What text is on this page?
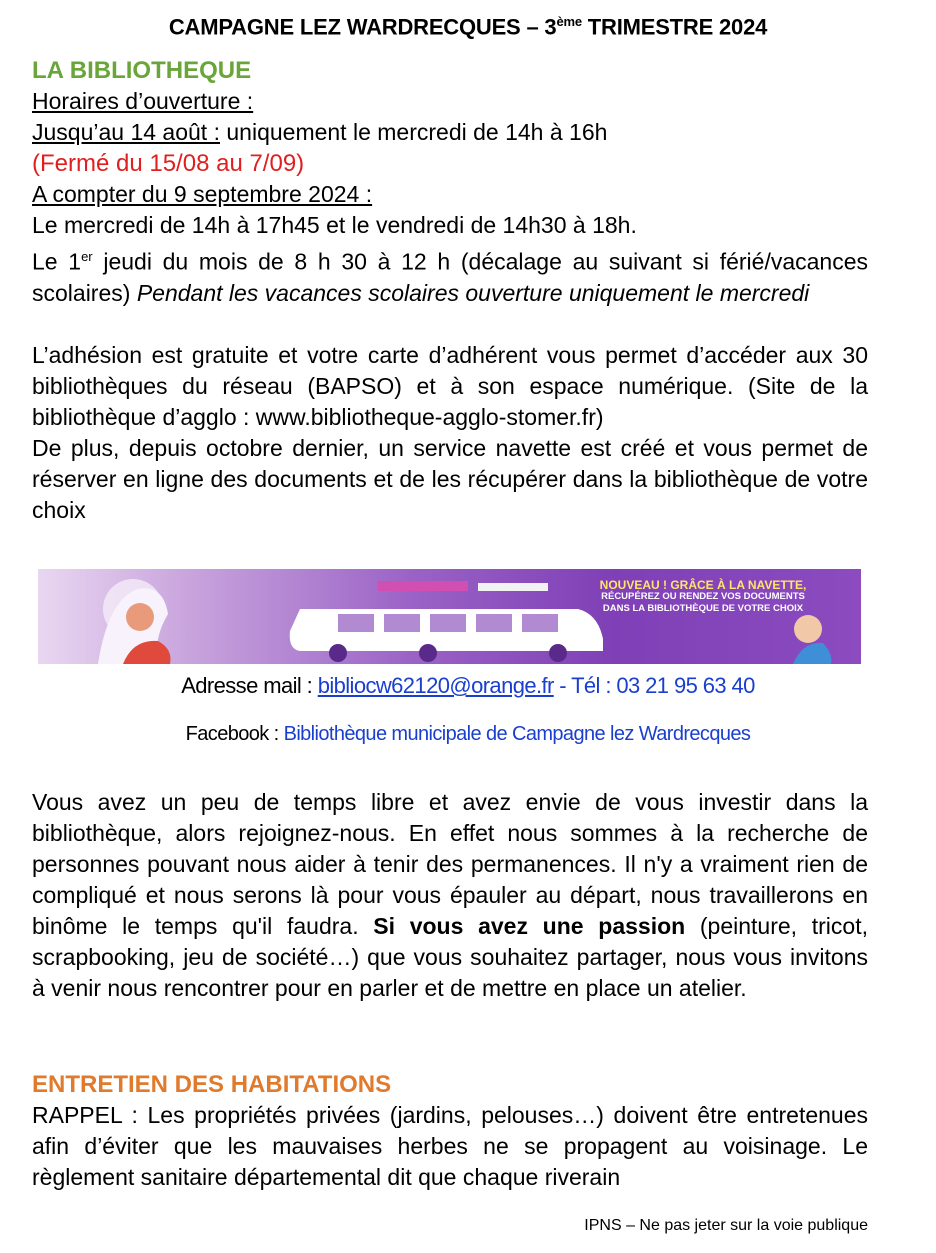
CAMPAGNE LEZ WARDRECQUES – 3ème TRIMESTRE 2024

LA BIBLIOTHEQUE

Horaires d’ouverture :

Jusqu’au 14 août : uniquement le mercredi de 14h à 16h

(Fermé du 15/08 au 7/09)

A compter du 9 septembre 2024 :

Le mercredi de 14h à 17h45 et le vendredi de 14h30 à 18h.

Le 1er jeudi du mois de 8 h 30 à 12 h (décalage au suivant si férié/vacances scolaires) Pendant les vacances scolaires ouverture uniquement le mercredi

L’adhésion est gratuite et votre carte d’adhérent vous permet d’accéder aux 30 bibliothèques du réseau (BAPSO) et à son espace numérique. (Site de la bibliothèque d’agglo : www.bibliotheque-agglo-stomer.fr)

De plus, depuis octobre dernier, un service navette est créé et vous permet de réserver en ligne des documents et de les récupérer dans la bibliothèque de votre choix

NOUVEAU ! GRÂCE À LA NAVETTE,
RÉCUPÉREZ OU RENDEZ VOS DOCUMENTS
DANS LA BIBLIOTHÈQUE DE VOTRE CHOIX
Adresse mail : bibliocw62120@orange.fr - Tél : 03 21 95 63 40
Facebook : Bibliothèque municipale de Campagne lez Wardrecques

Vous avez un peu de temps libre et avez envie de vous investir dans la bibliothèque, alors rejoignez-nous. En effet nous sommes à la recherche de personnes pouvant nous aider à tenir des permanences. Il n'y a vraiment rien de compliqué et nous serons là pour vous épauler au départ, nous travaillerons en binôme le temps qu'il faudra. Si vous avez une passion (peinture, tricot, scrapbooking, jeu de société…) que vous souhaitez partager, nous vous invitons à venir nous rencontrer pour en parler et de mettre en place un atelier.

ENTRETIEN DES HABITATIONS

RAPPEL : Les propriétés privées (jardins, pelouses…) doivent être entretenues afin d’éviter que les mauvaises herbes ne se propagent au voisinage. Le règlement sanitaire départemental dit que chaque riverain

IPNS – Ne pas jeter sur la voie publique
